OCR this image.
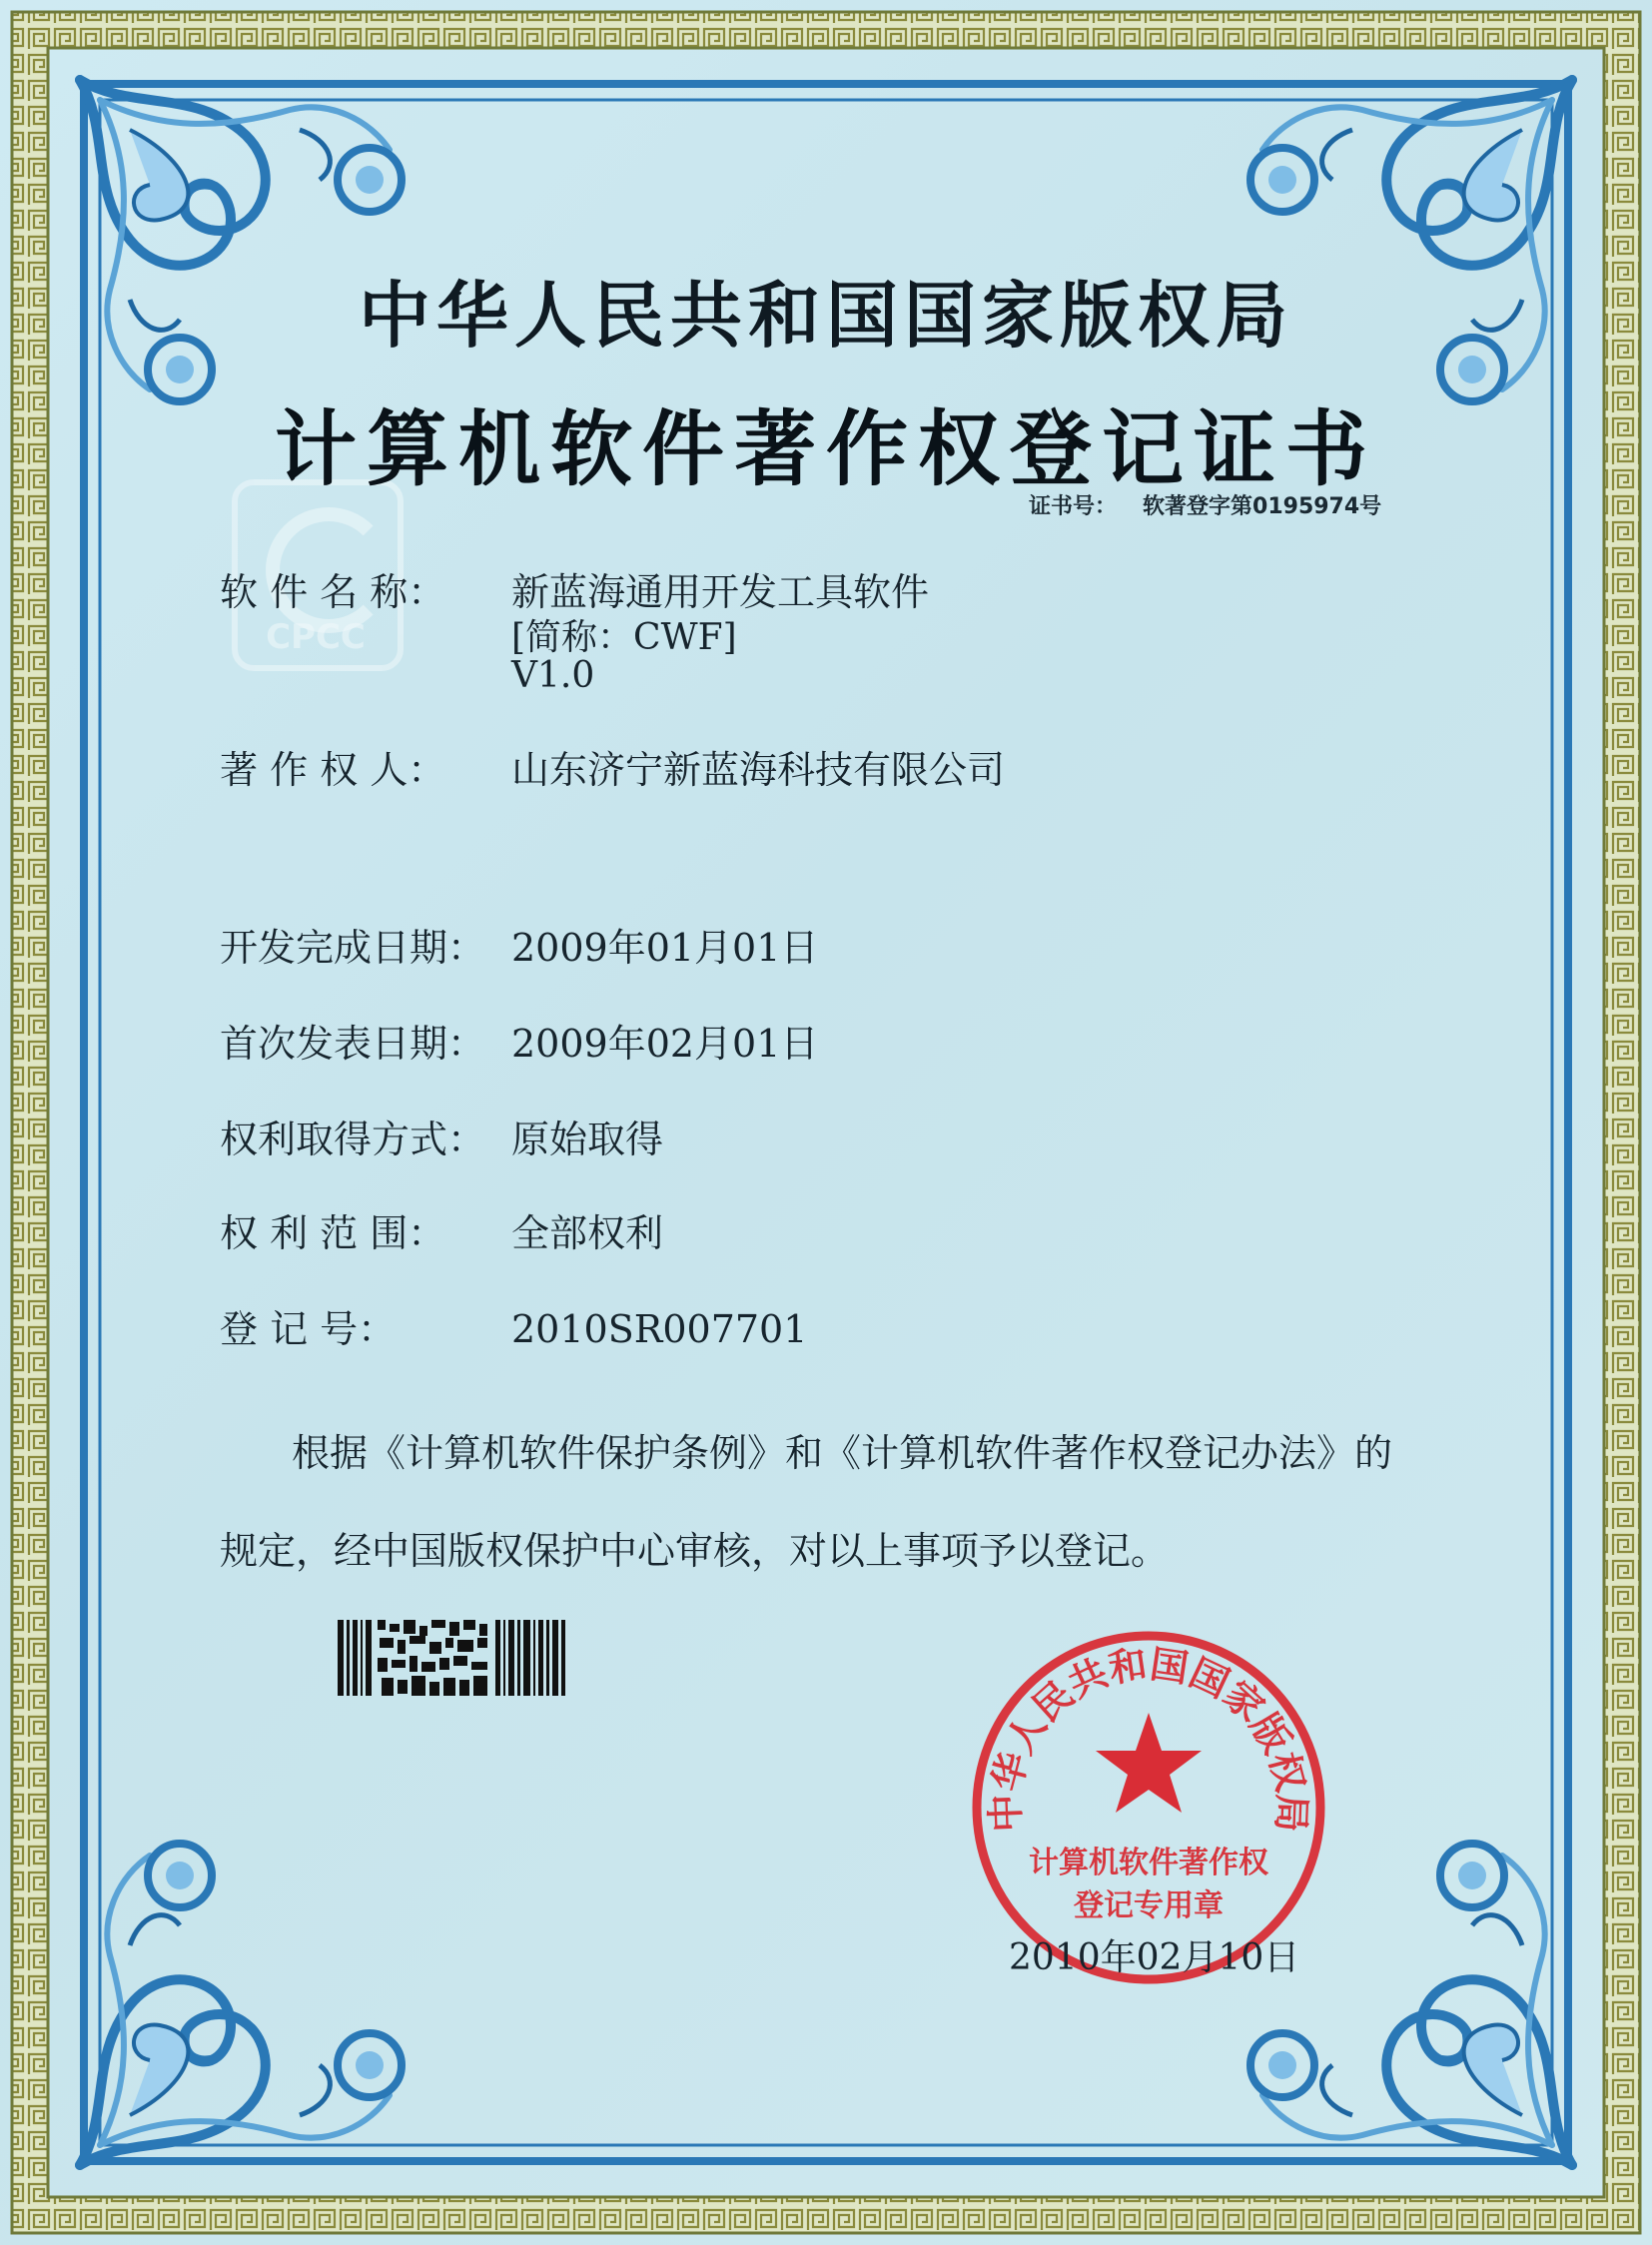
CPCC
中华人民共和国国家版权局
计算机软件著作权登记证书
证书号： 软著登字第0195974号
软 件 名 称： 新蓝海通用开发工具软件
[简称：CWF]
V1.0
著 作 权 人： 山东济宁新蓝海科技有限公司
开发完成日期： 2009年01月01日
首次发表日期： 2009年02月01日
权利取得方式： 原始取得
权 利 范 围： 全部权利
登 记 号：	2010SR007701
根据《计算机软件保护条例》和《计算机软件著作权登记办法》的
规定，经中国版权保护中心审核，对以上事项予以登记。
中华人民共和国国家版权局
计算机软件著作权
登记专用章
2010年02月10日
